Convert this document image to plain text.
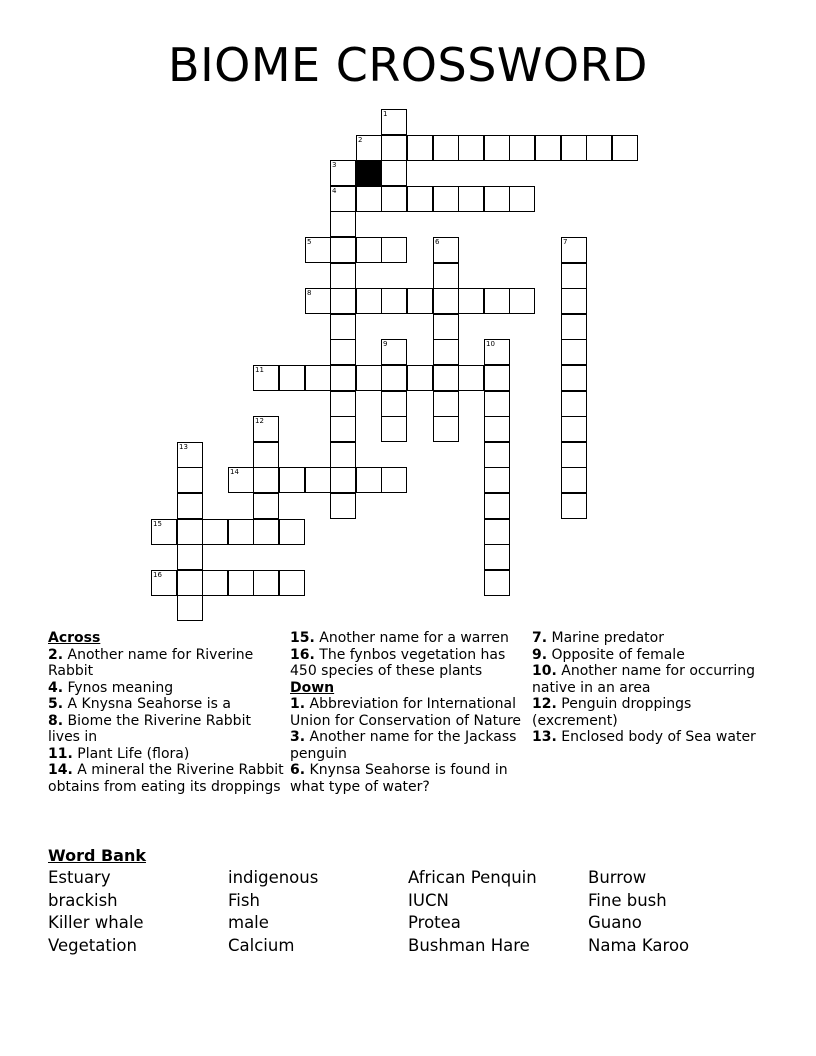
BIOME CROSSWORD
1
2
3
4
5	6	7
8
9	10
11
12
13
14
15
16

Across

2. Another name for Riverine Rabbit

4. Fynos meaning

5. A Knysna Seahorse is a

8. Biome the Riverine Rabbit lives in

11. Plant Life (flora)

14. A mineral the Riverine Rabbit obtains from eating its droppings

15. Another name for a warren

16. The fynbos vegetation has 450 species of these plants

Down

1. Abbreviation for International Union for Conservation of Nature

3. Another name for the Jackass penguin

6. Knynsa Seahorse is found in what type of water?

7. Marine predator

9. Opposite of female

10. Another name for occurring native in an area

12. Penguin droppings (excrement)

13. Enclosed body of Sea water

Word Bank
Estuary
brackish
Killer whale
Vegetation
indigenous
Fish
male
Calcium
African Penquin
IUCN
Protea
Bushman Hare
Burrow
Fine bush
Guano
Nama Karoo
